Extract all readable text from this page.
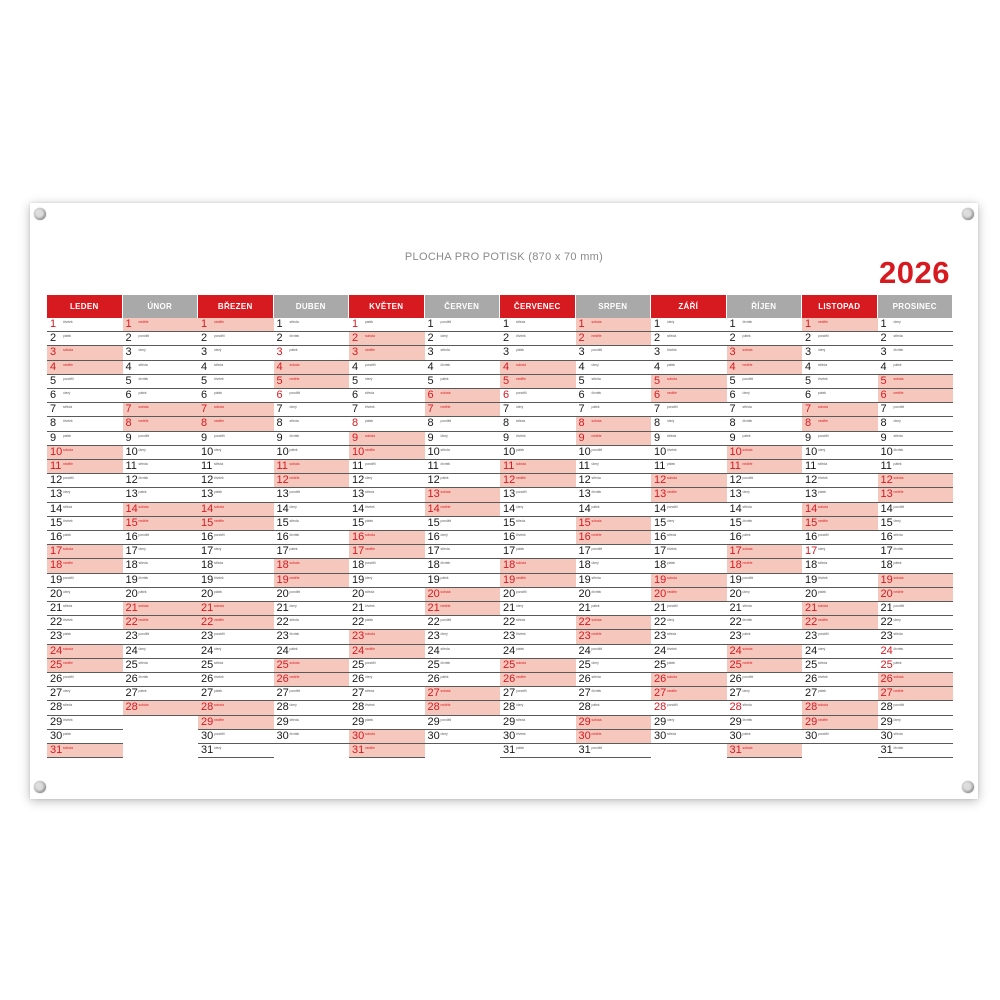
PLOCHA PRO POTISK (870 x 70 mm)	2026
LEDEN
1 čtvrtek
2 pátek
3 sobota
4 neděle
5 pondělí
6 úterý
7 středa
8 čtvrtek
9 pátek
10 sobota
11 neděle
12 pondělí
13 úterý
14 středa
15 čtvrtek
16 pátek
17 sobota
18 neděle
19 pondělí
20 úterý
21 středa
22 čtvrtek
23 pátek
24 sobota
25 neděle
26 pondělí
27 úterý
28 středa
29 čtvrtek
30 pátek
31 sobota
ÚNOR
1 neděle
2 pondělí
3 úterý
4 středa
5 čtvrtek
6 pátek
7 sobota
8 neděle
9 pondělí
10 úterý
11 středa
12 čtvrtek
13 pátek
14 sobota
15 neděle
16 pondělí
17 úterý
18 středa
19 čtvrtek
20 pátek
21 sobota
22 neděle
23 pondělí
24 úterý
25 středa
26 čtvrtek
27 pátek
28 sobota
BŘEZEN
1 neděle
2 pondělí
3 úterý
4 středa
5 čtvrtek
6 pátek
7 sobota
8 neděle
9 pondělí
10 úterý
11 středa
12 čtvrtek
13 pátek
14 sobota
15 neděle
16 pondělí
17 úterý
18 středa
19 čtvrtek
20 pátek
21 sobota
22 neděle
23 pondělí
24 úterý
25 středa
26 čtvrtek
27 pátek
28 sobota
29 neděle
30 pondělí
31 úterý
DUBEN
1 středa
2 čtvrtek
3 pátek
4 sobota
5 neděle
6 pondělí
7 úterý
8 středa
9 čtvrtek
10 pátek
11 sobota
12 neděle
13 pondělí
14 úterý
15 středa
16 čtvrtek
17 pátek
18 sobota
19 neděle
20 pondělí
21 úterý
22 středa
23 čtvrtek
24 pátek
25 sobota
26 neděle
27 pondělí
28 úterý
29 středa
30 čtvrtek
KVĚTEN
1 pátek
2 sobota
3 neděle
4 pondělí
5 úterý
6 středa
7 čtvrtek
8 pátek
9 sobota
10 neděle
11 pondělí
12 úterý
13 středa
14 čtvrtek
15 pátek
16 sobota
17 neděle
18 pondělí
19 úterý
20 středa
21 čtvrtek
22 pátek
23 sobota
24 neděle
25 pondělí
26 úterý
27 středa
28 čtvrtek
29 pátek
30 sobota
31 neděle
ČERVEN
1 pondělí
2 úterý
3 středa
4 čtvrtek
5 pátek
6 sobota
7 neděle
8 pondělí
9 úterý
10 středa
11 čtvrtek
12 pátek
13 sobota
14 neděle
15 pondělí
16 úterý
17 středa
18 čtvrtek
19 pátek
20 sobota
21 neděle
22 pondělí
23 úterý
24 středa
25 čtvrtek
26 pátek
27 sobota
28 neděle
29 pondělí
30 úterý
ČERVENEC
1 středa
2 čtvrtek
3 pátek
4 sobota
5 neděle
6 pondělí
7 úterý
8 středa
9 čtvrtek
10 pátek
11 sobota
12 neděle
13 pondělí
14 úterý
15 středa
16 čtvrtek
17 pátek
18 sobota
19 neděle
20 pondělí
21 úterý
22 středa
23 čtvrtek
24 pátek
25 sobota
26 neděle
27 pondělí
28 úterý
29 středa
30 čtvrtek
31 pátek
SRPEN
1 sobota
2 neděle
3 pondělí
4 úterý
5 středa
6 čtvrtek
7 pátek
8 sobota
9 neděle
10 pondělí
11 úterý
12 středa
13 čtvrtek
14 pátek
15 sobota
16 neděle
17 pondělí
18 úterý
19 středa
20 čtvrtek
21 pátek
22 sobota
23 neděle
24 pondělí
25 úterý
26 středa
27 čtvrtek
28 pátek
29 sobota
30 neděle
31 pondělí
ZÁŘÍ
1 úterý
2 středa
3 čtvrtek
4 pátek
5 sobota
6 neděle
7 pondělí
8 úterý
9 středa
10 čtvrtek
11 pátek
12 sobota
13 neděle
14 pondělí
15 úterý
16 středa
17 čtvrtek
18 pátek
19 sobota
20 neděle
21 pondělí
22 úterý
23 středa
24 čtvrtek
25 pátek
26 sobota
27 neděle
28 pondělí
29 úterý
30 středa
ŘÍJEN
1 čtvrtek
2 pátek
3 sobota
4 neděle
5 pondělí
6 úterý
7 středa
8 čtvrtek
9 pátek
10 sobota
11 neděle
12 pondělí
13 úterý
14 středa
15 čtvrtek
16 pátek
17 sobota
18 neděle
19 pondělí
20 úterý
21 středa
22 čtvrtek
23 pátek
24 sobota
25 neděle
26 pondělí
27 úterý
28 středa
29 čtvrtek
30 pátek
31 sobota
LISTOPAD
1 neděle
2 pondělí
3 úterý
4 středa
5 čtvrtek
6 pátek
7 sobota
8 neděle
9 pondělí
10 úterý
11 středa
12 čtvrtek
13 pátek
14 sobota
15 neděle
16 pondělí
17 úterý
18 středa
19 čtvrtek
20 pátek
21 sobota
22 neděle
23 pondělí
24 úterý
25 středa
26 čtvrtek
27 pátek
28 sobota
29 neděle
30 pondělí
PROSINEC
1 úterý
2 středa
3 čtvrtek
4 pátek
5 sobota
6 neděle
7 pondělí
8 úterý
9 středa
10 čtvrtek
11 pátek
12 sobota
13 neděle
14 pondělí
15 úterý
16 středa
17 čtvrtek
18 pátek
19 sobota
20 neděle
21 pondělí
22 úterý
23 středa
24 čtvrtek
25 pátek
26 sobota
27 neděle
28 pondělí
29 úterý
30 středa
31 čtvrtek
